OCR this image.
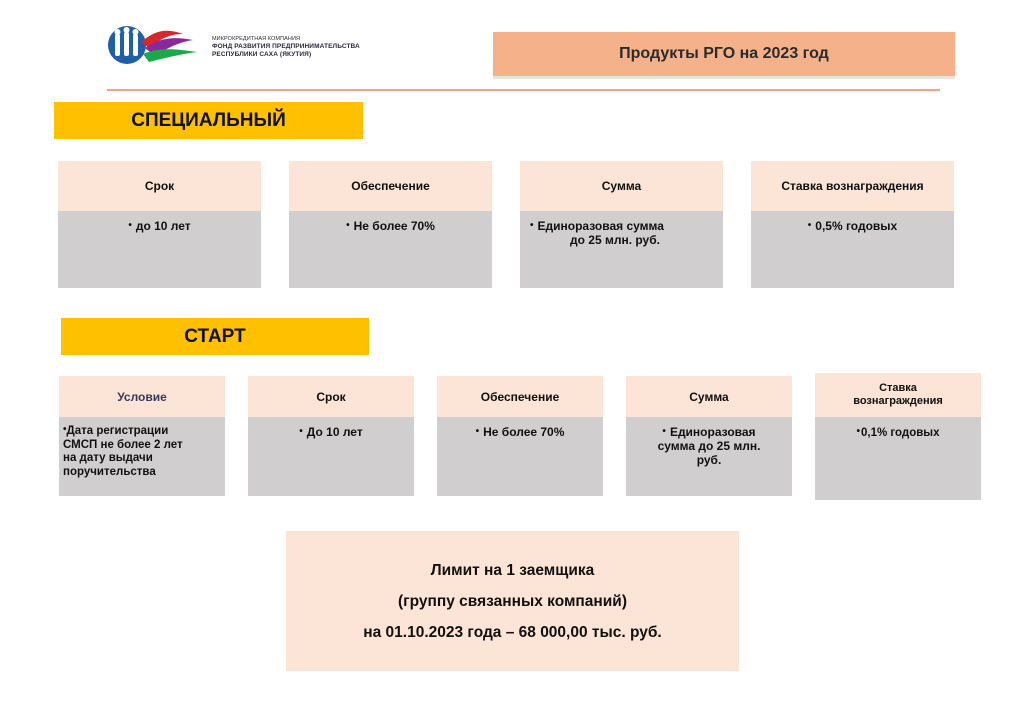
МИКРОКРЕДИТНАЯ КОМПАНИЯ
ФОНД РАЗВИТИЯ ПРЕДПРИНИМАТЕЛЬСТВА
РЕСПУБЛИКИ САХА (ЯКУТИЯ)	Продукты РГО на 2023 год
СПЕЦИАЛЬНЫЙ
Срок
• до 10 лет
Обеспечение
• Не более 70%
Сумма
• Единоразовая сумма
до 25 млн. руб.
Ставка вознаграждения
• 0,5% годовых
СТАРТ
Условие
•Дата регистрации
СМСП не более 2 лет
на дату выдачи
поручительства
Срок
• До 10 лет
Обеспечение
• Не более 70%
Сумма
• Единоразовая
сумма до 25 млн.
руб.
Ставка
вознаграждения
•0,1% годовых
Лимит на 1 заемщика
(группу связанных компаний)
на 01.10.2023 года – 68 000,00 тыс. руб.
